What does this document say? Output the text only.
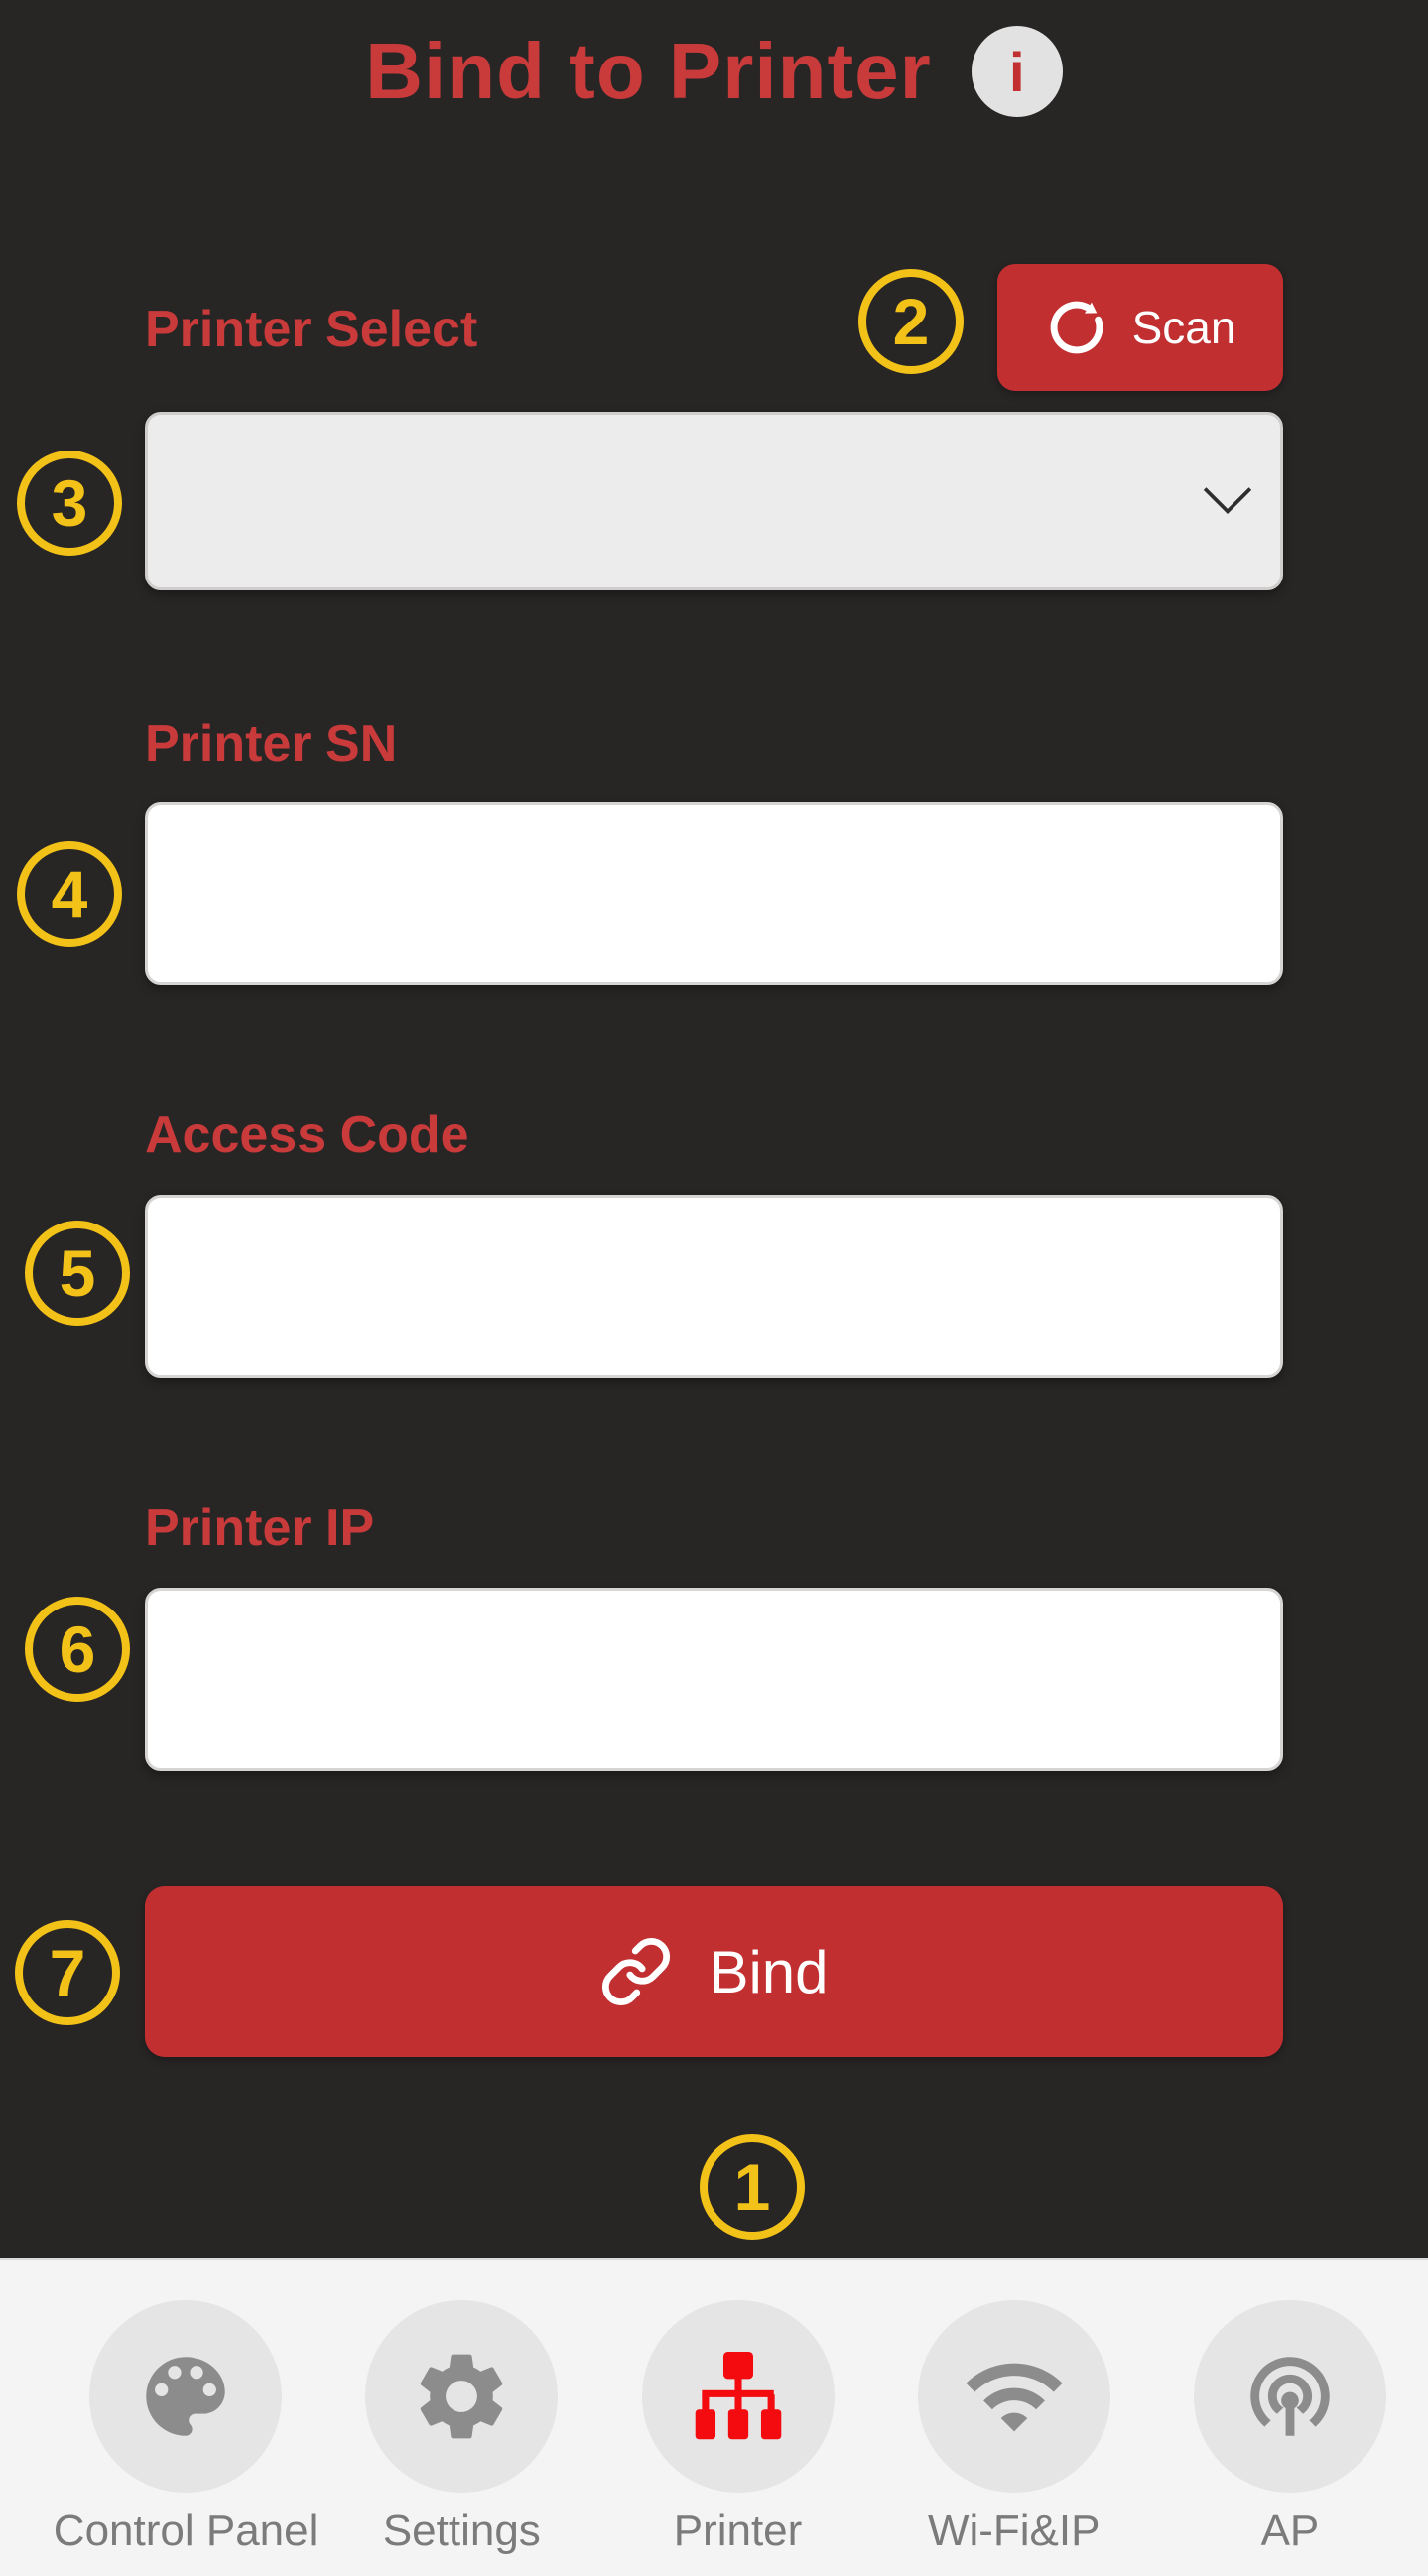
Bind to Printer	i
Printer Select	Scan
Printer SN
Access Code
Printer IP
Bind
1
2
3
4
5
6
7
Control Panel Settings	Printer	Wi-Fi&IP	AP
